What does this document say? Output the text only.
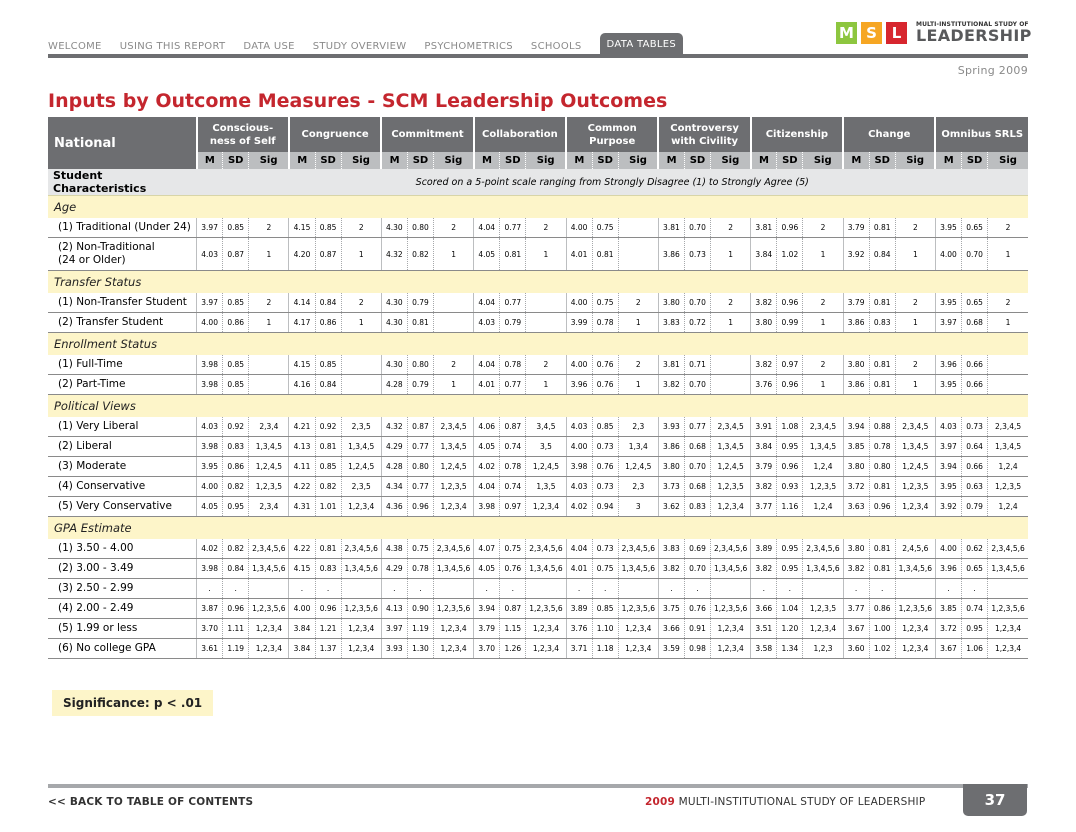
WELCOME USING THIS REPORT DATA USE STUDY OVERVIEW PSYCHOMETRICS SCHOOLS	DATA TABLES
M S L	MULTI-INSTITUTIONAL STUDY OF
LEADERSHIP
Spring 2009
Inputs by Outcome Measures - SCM Leadership Outcomes
National	Conscious-
ness of Self			Congruence			Commitment			Collaboration			Common
Purpose			Controversy
with Civility			Citizenship			Change			Omnibus SRLS		
	M	SD	Sig	M	SD	Sig	M	SD	Sig	M	SD	Sig	M	SD	Sig	M	SD	Sig	M	SD	Sig	M	SD	Sig	M	SD	Sig
Student Characteristics	Scored on a 5-point scale ranging from Strongly Disagree (1) to Strongly Agree (5)																										
Age																											
(1) Traditional (Under 24)	3.97	0.85	2	4.15	0.85	2	4.30	0.80	2	4.04	0.77	2	4.00	0.75		3.81	0.70	2	3.81	0.96	2	3.79	0.81	2	3.95	0.65	2
(2) Non-Traditional
(24 or Older)	4.03	0.87	1	4.20	0.87	1	4.32	0.82	1	4.05	0.81	1	4.01	0.81		3.86	0.73	1	3.84	1.02	1	3.92	0.84	1	4.00	0.70	1
Transfer Status																											
(1) Non-Transfer Student	3.97	0.85	2	4.14	0.84	2	4.30	0.79		4.04	0.77		4.00	0.75	2	3.80	0.70	2	3.82	0.96	2	3.79	0.81	2	3.95	0.65	2
(2) Transfer Student	4.00	0.86	1	4.17	0.86	1	4.30	0.81		4.03	0.79		3.99	0.78	1	3.83	0.72	1	3.80	0.99	1	3.86	0.83	1	3.97	0.68	1
Enrollment Status																											
(1) Full-Time	3.98	0.85		4.15	0.85		4.30	0.80	2	4.04	0.78	2	4.00	0.76	2	3.81	0.71		3.82	0.97	2	3.80	0.81	2	3.96	0.66	
(2) Part-Time	3.98	0.85		4.16	0.84		4.28	0.79	1	4.01	0.77	1	3.96	0.76	1	3.82	0.70		3.76	0.96	1	3.86	0.81	1	3.95	0.66	
Political Views																											
(1) Very Liberal	4.03	0.92	2,3,4	4.21	0.92	2,3,5	4.32	0.87	2,3,4,5	4.06	0.87	3,4,5	4.03	0.85	2,3	3.93	0.77	2,3,4,5	3.91	1.08	2,3,4,5	3.94	0.88	2,3,4,5	4.03	0.73	2,3,4,5
(2) Liberal	3.98	0.83	1,3,4,5	4.13	0.81	1,3,4,5	4.29	0.77	1,3,4,5	4.05	0.74	3,5	4.00	0.73	1,3,4	3.86	0.68	1,3,4,5	3.84	0.95	1,3,4,5	3.85	0.78	1,3,4,5	3.97	0.64	1,3,4,5
(3) Moderate	3.95	0.86	1,2,4,5	4.11	0.85	1,2,4,5	4.28	0.80	1,2,4,5	4.02	0.78	1,2,4,5	3.98	0.76	1,2,4,5	3.80	0.70	1,2,4,5	3.79	0.96	1,2,4	3.80	0.80	1,2,4,5	3.94	0.66	1,2,4
(4) Conservative	4.00	0.82	1,2,3,5	4.22	0.82	2,3,5	4.34	0.77	1,2,3,5	4.04	0.74	1,3,5	4.03	0.73	2,3	3.73	0.68	1,2,3,5	3.82	0.93	1,2,3,5	3.72	0.81	1,2,3,5	3.95	0.63	1,2,3,5
(5) Very Conservative	4.05	0.95	2,3,4	4.31	1.01	1,2,3,4	4.36	0.96	1,2,3,4	3.98	0.97	1,2,3,4	4.02	0.94	3	3.62	0.83	1,2,3,4	3.77	1.16	1,2,4	3.63	0.96	1,2,3,4	3.92	0.79	1,2,4
GPA Estimate																											
(1) 3.50 - 4.00	4.02	0.82	2,3,4,5,6	4.22	0.81	2,3,4,5,6	4.38	0.75	2,3,4,5,6	4.07	0.75	2,3,4,5,6	4.04	0.73	2,3,4,5,6	3.83	0.69	2,3,4,5,6	3.89	0.95	2,3,4,5,6	3.80	0.81	2,4,5,6	4.00	0.62	2,3,4,5,6
(2) 3.00 - 3.49	3.98	0.84	1,3,4,5,6	4.15	0.83	1,3,4,5,6	4.29	0.78	1,3,4,5,6	4.05	0.76	1,3,4,5,6	4.01	0.75	1,3,4,5,6	3.82	0.70	1,3,4,5,6	3.82	0.95	1,3,4,5,6	3.82	0.81	1,3,4,5,6	3.96	0.65	1,3,4,5,6
(3) 2.50 - 2.99	.	.		.	.		.	.		.	.		.	.		.	.		.	.		.	.		.	.	
(4) 2.00 - 2.49	3.87	0.96	1,2,3,5,6	4.00	0.96	1,2,3,5,6	4.13	0.90	1,2,3,5,6	3.94	0.87	1,2,3,5,6	3.89	0.85	1,2,3,5,6	3.75	0.76	1,2,3,5,6	3.66	1.04	1,2,3,5	3.77	0.86	1,2,3,5,6	3.85	0.74	1,2,3,5,6
(5) 1.99 or less	3.70	1.11	1,2,3,4	3.84	1.21	1,2,3,4	3.97	1.19	1,2,3,4	3.79	1.15	1,2,3,4	3.76	1.10	1,2,3,4	3.66	0.91	1,2,3,4	3.51	1.20	1,2,3,4	3.67	1.00	1,2,3,4	3.72	0.95	1,2,3,4
(6) No college GPA	3.61	1.19	1,2,3,4	3.84	1.37	1,2,3,4	3.93	1.30	1,2,3,4	3.70	1.26	1,2,3,4	3.71	1.18	1,2,3,4	3.59	0.98	1,2,3,4	3.58	1.34	1,2,3	3.60	1.02	1,2,3,4	3.67	1.06	1,2,3,4
Significance: p < .01
<< BACK TO TABLE OF CONTENTS	2009 MULTI-INSTITUTIONAL STUDY OF LEADERSHIP	37
